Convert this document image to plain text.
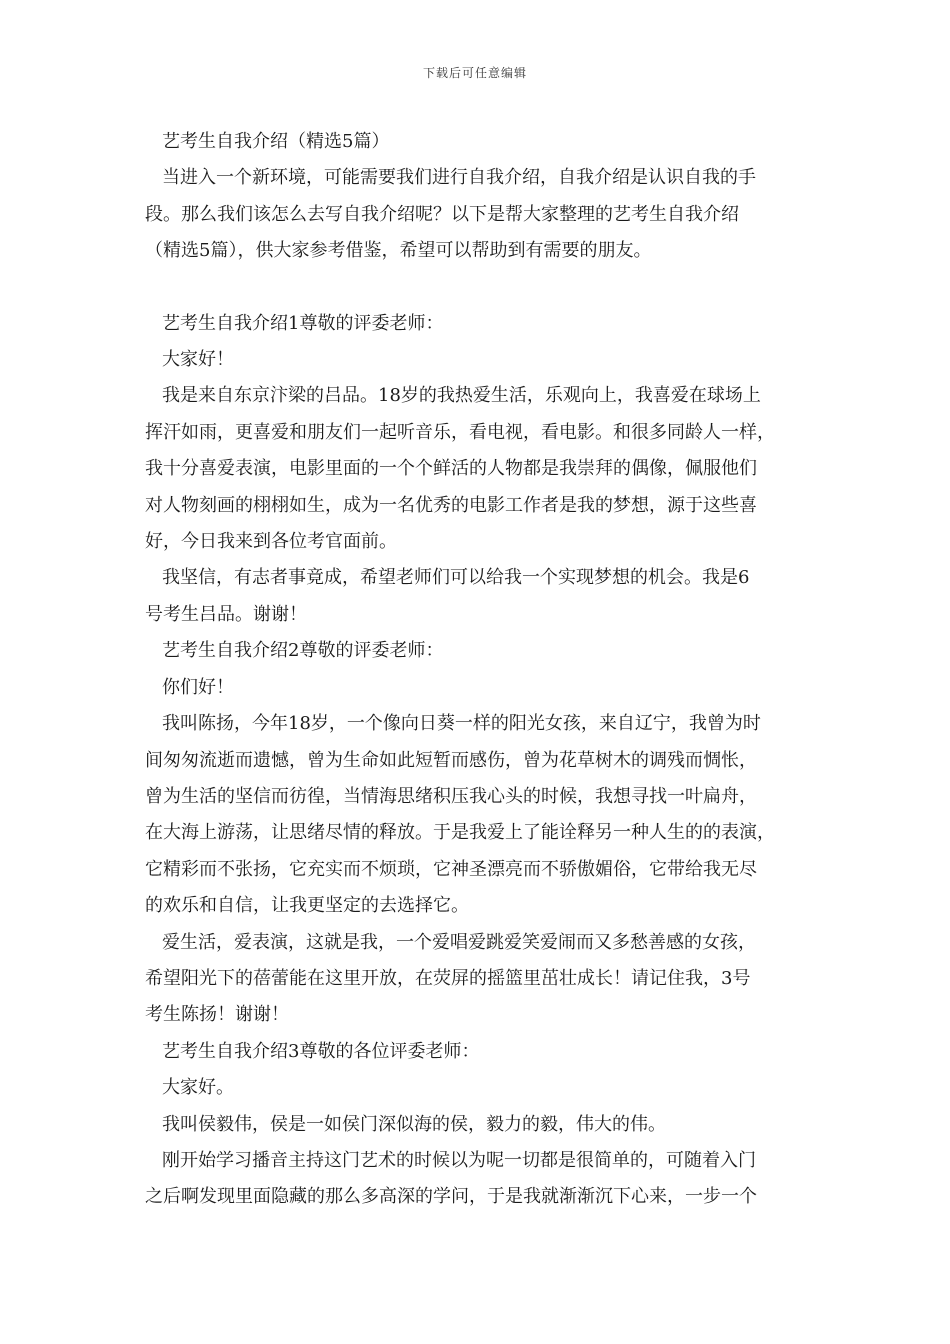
下载后可任意编辑

艺考生自我介绍（精选5篇）

当进入一个新环境，可能需要我们进行自我介绍，自我介绍是认识自我的手

段。那么我们该怎么去写自我介绍呢？以下是帮大家整理的艺考生自我介绍

（精选5篇），供大家参考借鉴，希望可以帮助到有需要的朋友。

艺考生自我介绍1尊敬的评委老师：

大家好！

我是来自东京汴梁的吕品。18岁的我热爱生活，乐观向上，我喜爱在球场上

挥汗如雨，更喜爱和朋友们一起听音乐，看电视，看电影。和很多同龄人一样，

我十分喜爱表演，电影里面的一个个鲜活的人物都是我崇拜的偶像，佩服他们

对人物刻画的栩栩如生，成为一名优秀的电影工作者是我的梦想，源于这些喜

好，今日我来到各位考官面前。

我坚信，有志者事竟成，希望老师们可以给我一个实现梦想的机会。我是6

号考生吕品。谢谢！

艺考生自我介绍2尊敬的评委老师：

你们好！

我叫陈扬，今年18岁，一个像向日葵一样的阳光女孩，来自辽宁，我曾为时

间匆匆流逝而遗憾，曾为生命如此短暂而感伤，曾为花草树木的调残而惆怅，

曾为生活的坚信而彷徨，当情海思绪积压我心头的时候，我想寻找一叶扁舟，

在大海上游荡，让思绪尽情的释放。于是我爱上了能诠释另一种人生的的表演，

它精彩而不张扬，它充实而不烦琐，它神圣漂亮而不骄傲媚俗，它带给我无尽

的欢乐和自信，让我更坚定的去选择它。

爱生活，爱表演，这就是我，一个爱唱爱跳爱笑爱闹而又多愁善感的女孩，

希望阳光下的蓓蕾能在这里开放，在荧屏的摇篮里茁壮成长！请记住我，3号

考生陈扬！谢谢！

艺考生自我介绍3尊敬的各位评委老师：

大家好。

我叫侯毅伟，侯是一如侯门深似海的侯，毅力的毅，伟大的伟。

刚开始学习播音主持这门艺术的时候以为呢一切都是很简单的，可随着入门

之后啊发现里面隐藏的那么多高深的学问，于是我就渐渐沉下心来，一步一个
